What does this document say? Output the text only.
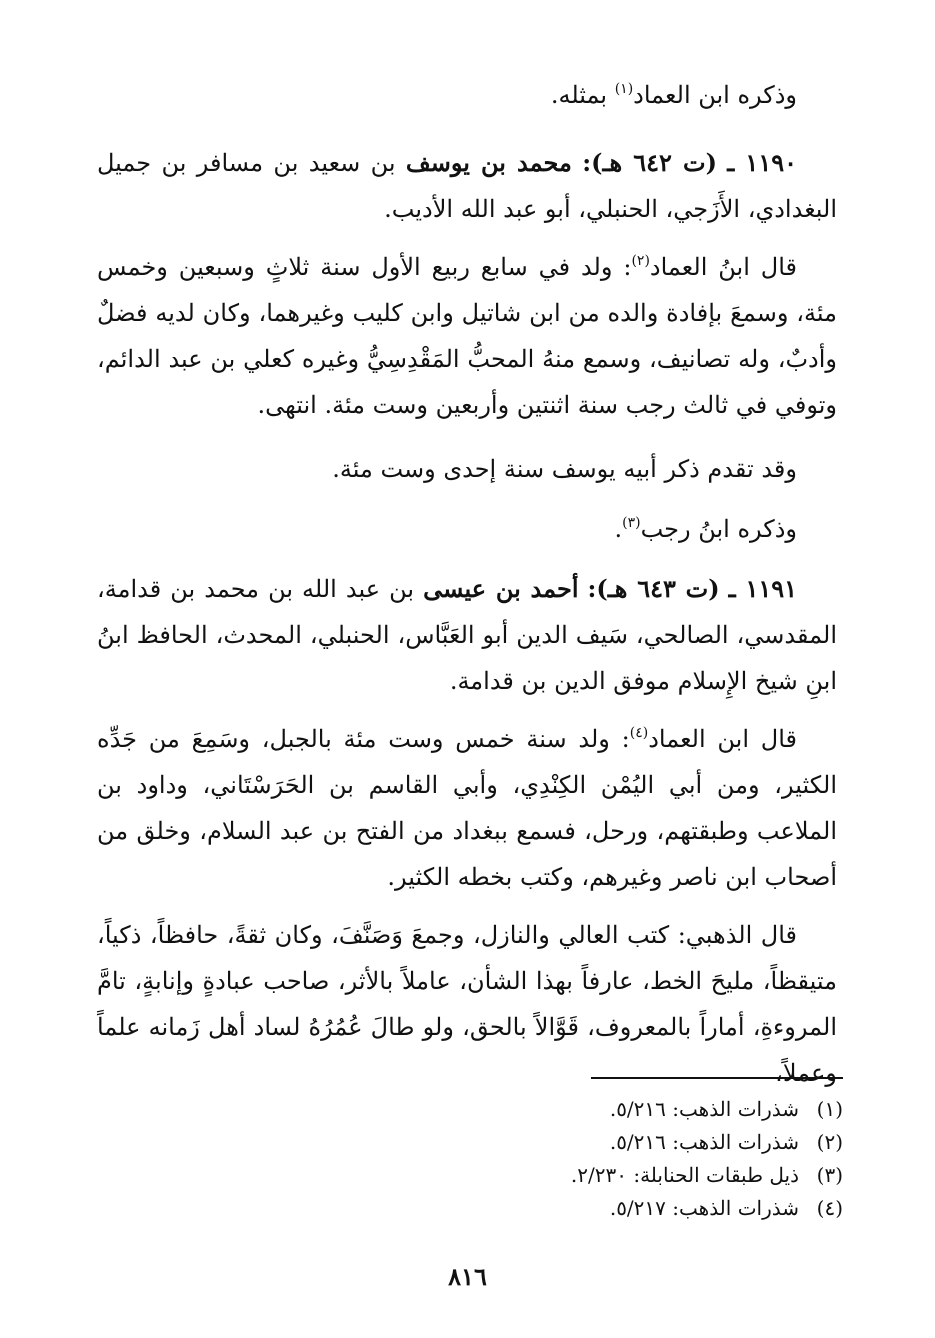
وذكره ابن العماد$^{(١)}$ بمثله.

١١٩٠ ـ (ت ٦٤٢ هـ): محمد بن يوسف بن سعيد بن مسافر بن جميل البغدادي، الأَزَجي، الحنبلي، أبو عبد الله الأديب.

قال ابنُ العماد$^{(٢)}$: ولد في سابع ربيع الأول سنة ثلاثٍ وسبعين وخمس مئة، وسمعَ بإفادة والده من ابن شاتيل وابن كليب وغيرهما، وكان لديه فضلٌ وأدبٌ، وله تصانيف، وسمع منهُ المحبُّ المَقْدِسِيُّ وغيره كعلي بن عبد الدائم، وتوفي في ثالث رجب سنة اثنتين وأربعين وست مئة. انتهى.

وقد تقدم ذكر أبيه يوسف سنة إحدى وست مئة.

وذكره ابنُ رجب$^{(٣)}$.

١١٩١ ـ (ت ٦٤٣ هـ): أحمد بن عيسى بن عبد الله بن محمد بن قدامة، المقدسي، الصالحي، سَيف الدين أبو العَبَّاس، الحنبلي، المحدث، الحافظ ابنُ ابنِ شيخ الإِسلام موفق الدين بن قدامة.

قال ابن العماد$^{(٤)}$: ولد سنة خمس وست مئة بالجبل، وسَمِعَ من جَدِّه الكثير، ومن أبي اليُمْن الكِنْدِي، وأبي القاسم بن الحَرَسْتَاني، وداود بن الملاعب وطبقتهم، ورحل، فسمع ببغداد من الفتح بن عبد السلام، وخلق من أصحاب ابن ناصر وغيرهم، وكتب بخطه الكثير.

قال الذهبي: كتب العالي والنازل، وجمعَ وَصَنَّفَ، وكان ثقةً، حافظاً، ذكياً، متيقظاً، مليحَ الخط، عارفاً بهذا الشأن، عاملاً بالأثر، صاحب عبادةٍ وإنابةٍ، تامَّ المروءةِ، أماراً بالمعروف، قَوَّالاً بالحق، ولو طالَ عُمُرُهُ لساد أهل زَمانه علماً وعملاً،

(١)شذرات الذهب: ٥/٢١٦.
(٢)شذرات الذهب: ٥/٢١٦.
(٣)ذيل طبقات الحنابلة: ٢/٢٣٠.
(٤)شذرات الذهب: ٥/٢١٧.
٨١٦
